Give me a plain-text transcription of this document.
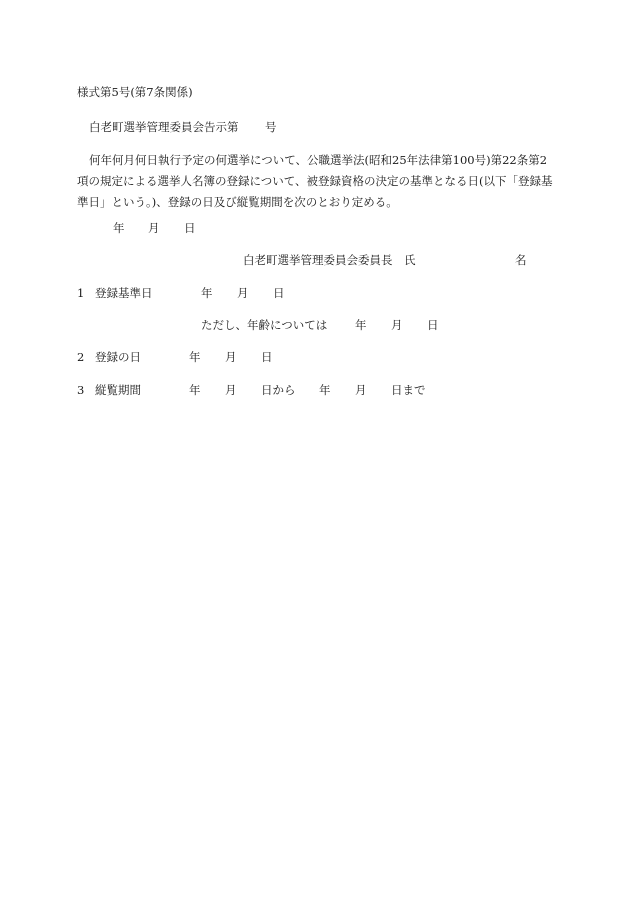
様式第5号(第7条関係)
白老町選挙管理委員会告示第 号
何年何月何日執行予定の何選挙について、公職選挙法(昭和25年法律第100号)第22条第2項の規定による選挙人名簿の登録について、被登録資格の決定の基準となる日(以下「登録基準日」という。)、登録の日及び縦覧期間を次のとおり定める。
年 月 日
白老町選挙管理委員会委員長 氏	名
1 登録基準日	年 月 日
ただし、年齢については 年 月 日
2 登録の日	年 月 日
3 縦覧期間	年 月 日から 年 月 日まで
